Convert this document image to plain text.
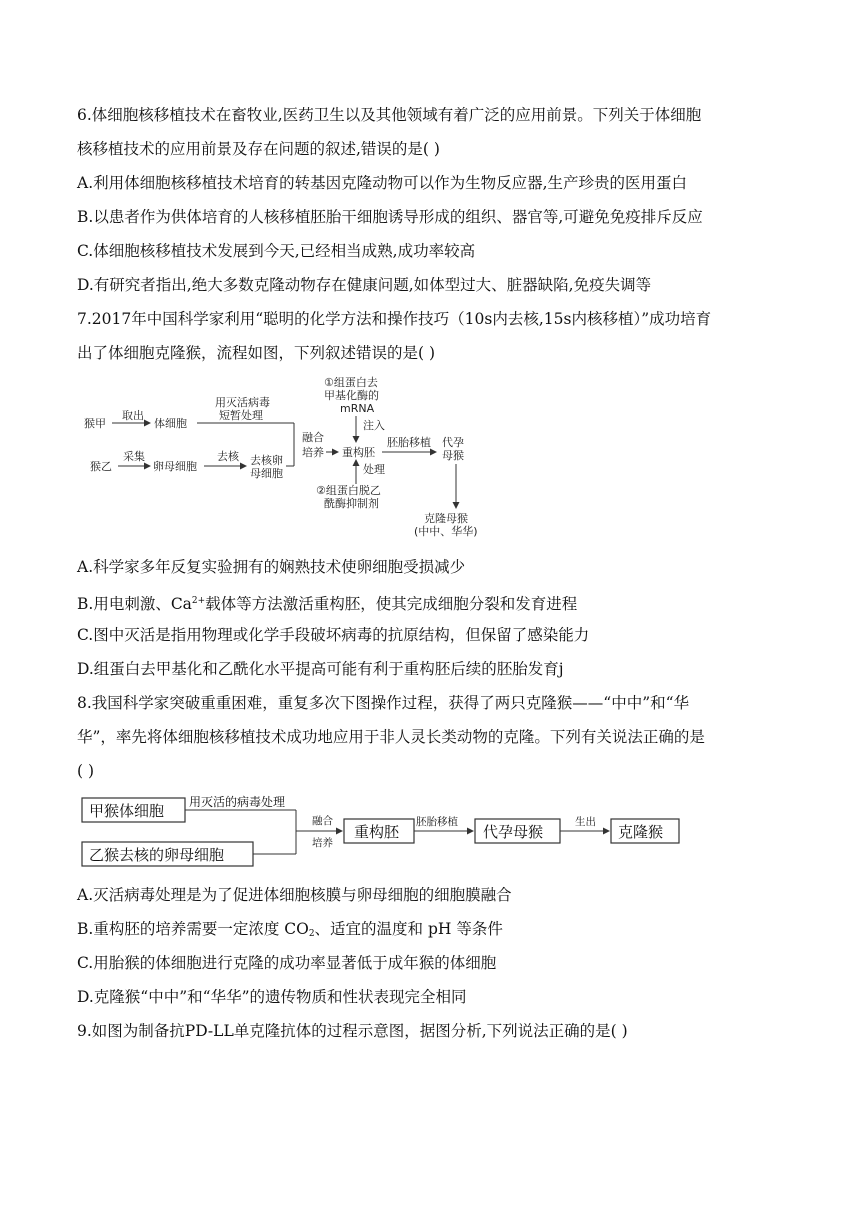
6.体细胞核移植技术在畜牧业,医药卫生以及其他领域有着广泛的应用前景。下列关于体细胞
核移植技术的应用前景及存在问题的叙述,错误的是( )
A.利用体细胞核移植技术培育的转基因克隆动物可以作为生物反应器,生产珍贵的医用蛋白
B.以患者作为供体培育的人核移植胚胎干细胞诱导形成的组织、器官等,可避免免疫排斥反应
C.体细胞核移植技术发展到今天,已经相当成熟,成功率较高
D.有研究者指出,绝大多数克隆动物存在健康问题,如体型过大、脏器缺陷,免疫失调等
7.2017年中国科学家利用“聪明的化学方法和操作技巧（10s内去核,15s内核移植）”成功培育
出了体细胞克隆猴，流程如图，下列叙述错误的是( )
猴甲
取出
体细胞
用灭活病毒
短暂处理
猴乙
采集
卵母细胞
去核 去核卵
母细胞
融合
培养 重构胚
胚胎移植 代孕
母猴
①组蛋白去
甲基化酶的
mRNA
注入
处理
②组蛋白脱乙
酰酶抑制剂
克隆母猴
(中中、华华)
A.科学家多年反复实验拥有的娴熟技术使卵细胞受损减少
B.用电刺激、$Ca^{2+}$载体等方法激活重构胚，使其完成细胞分裂和发育进程
C.图中灭活是指用物理或化学手段破坏病毒的抗原结构，但保留了感染能力
D.组蛋白去甲基化和乙酰化水平提高可能有利于重构胚后续的胚胎发育j
8.我国科学家突破重重困难，重复多次下图操作过程，获得了两只克隆猴——“中中”和“华
华”，率先将体细胞核移植技术成功地应用于非人灵长类动物的克隆。下列有关说法正确的是
( )
甲猴体细胞 用灭活的病毒处理
乙猴去核的卵母细胞
融合
培养
重构胚
胚胎移植
代孕母猴
生出
克隆猴
A.灭活病毒处理是为了促进体细胞核膜与卵母细胞的细胞膜融合
B.重构胚的培养需要一定浓度 $CO_2$、适宜的温度和 pH 等条件
C.用胎猴的体细胞进行克隆的成功率显著低于成年猴的体细胞
D.克隆猴“中中”和“华华”的遗传物质和性状表现完全相同
9.如图为制备抗PD-LL单克隆抗体的过程示意图，据图分析,下列说法正确的是( )
